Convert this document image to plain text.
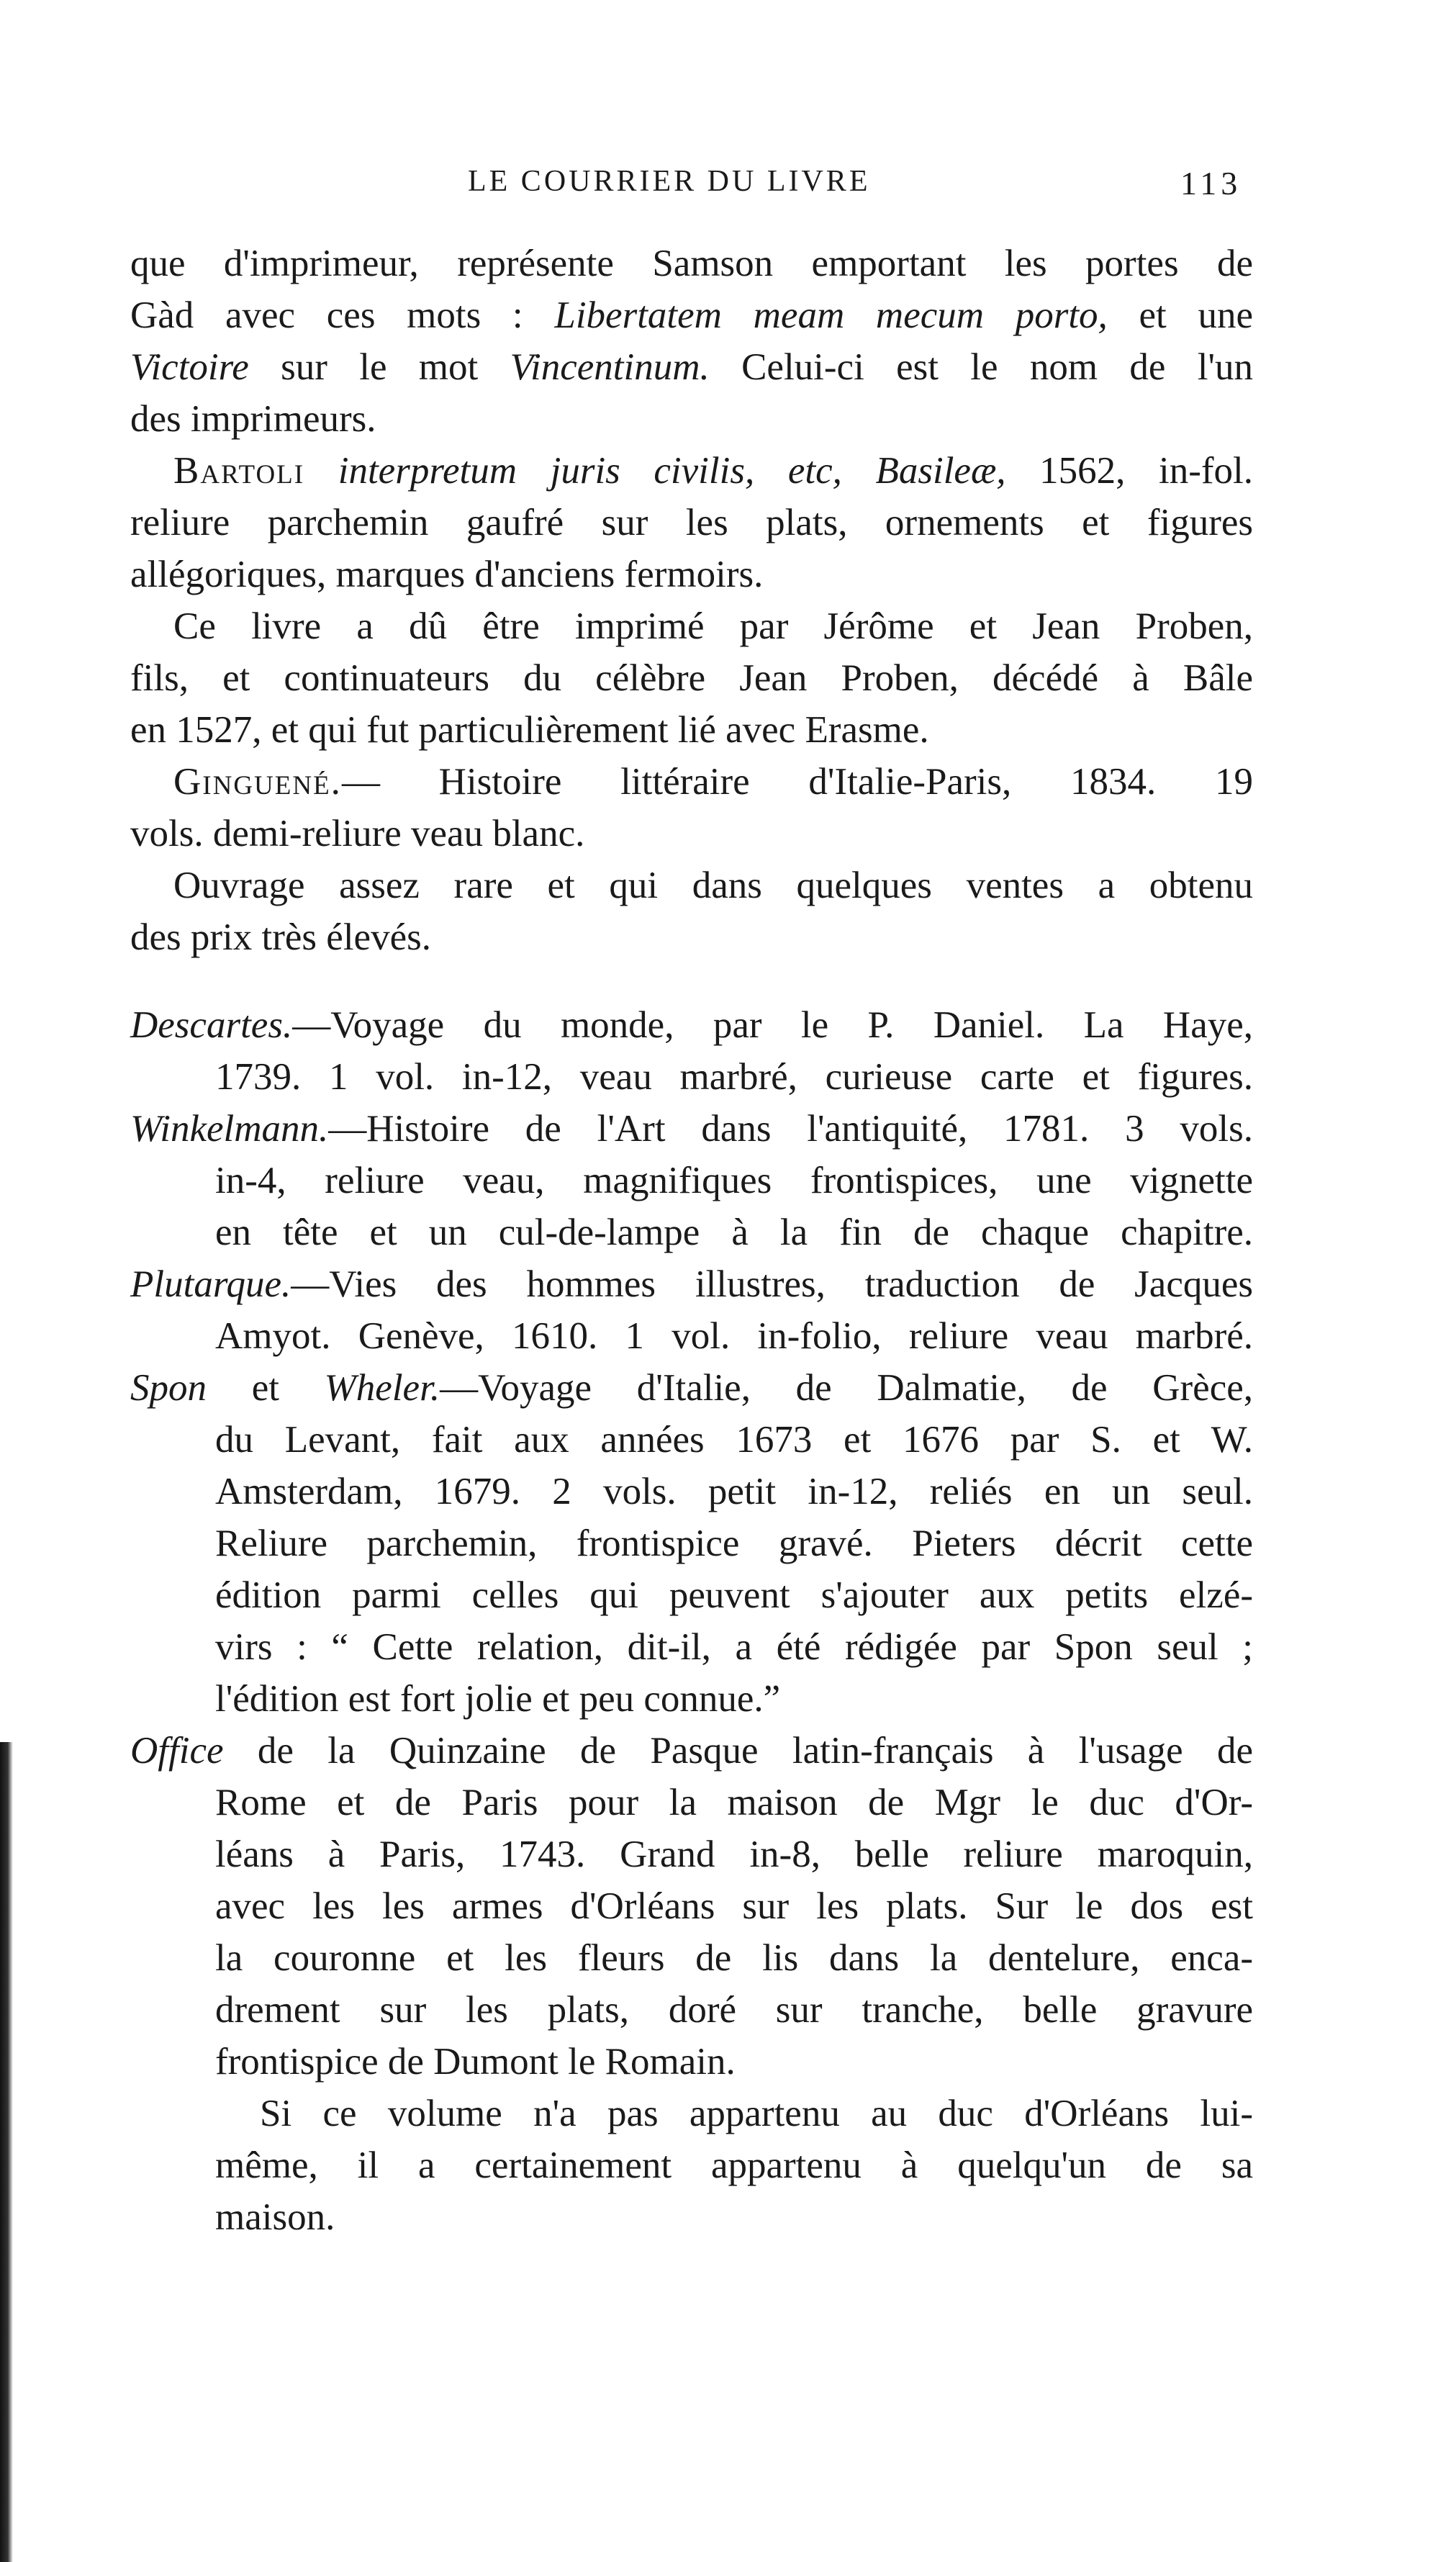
LE COURRIER DU LIVRE	113
que d'imprimeur, représente Samson emportant les portes de
Gàd avec ces mots : Libertatem meam mecum porto, et une
Victoire sur le mot Vincentinum. Celui-ci est le nom de l'un
des imprimeurs.
Bartoli interpretum juris civilis, etc, Basileæ, 1562, in-fol.
reliure parchemin gaufré sur les plats, ornements et figures
allégoriques, marques d'anciens fermoirs.
Ce livre a dû être imprimé par Jérôme et Jean Proben,
fils, et continuateurs du célèbre Jean Proben, décédé à Bâle
en 1527, et qui fut particulièrement lié avec Erasme.
Ginguené.— Histoire littéraire d'Italie-Paris, 1834. 19
vols. demi-reliure veau blanc.
Ouvrage assez rare et qui dans quelques ventes a obtenu
des prix très élevés.
Descartes.—Voyage du monde, par le P. Daniel. La Haye,
1739. 1 vol. in-12, veau marbré, curieuse carte et figures.
Winkelmann.—Histoire de l'Art dans l'antiquité, 1781. 3 vols.
in-4, reliure veau, magnifiques frontispices, une vignette
en tête et un cul-de-lampe à la fin de chaque chapitre.
Plutarque.—Vies des hommes illustres, traduction de Jacques
Amyot. Genève, 1610. 1 vol. in-folio, reliure veau marbré.
Spon et Wheler.—Voyage d'Italie, de Dalmatie, de Grèce,
du Levant, fait aux années 1673 et 1676 par S. et W.
Amsterdam, 1679. 2 vols. petit in-12, reliés en un seul.
Reliure parchemin, frontispice gravé. Pieters décrit cette
édition parmi celles qui peuvent s'ajouter aux petits elzé-
virs : “ Cette relation, dit-il, a été rédigée par Spon seul ;
l'édition est fort jolie et peu connue.”
Office de la Quinzaine de Pasque latin-français à l'usage de
Rome et de Paris pour la maison de Mgr le duc d'Or-
léans à Paris, 1743. Grand in-8, belle reliure maroquin,
avec les les armes d'Orléans sur les plats. Sur le dos est
la couronne et les fleurs de lis dans la dentelure, enca-
drement sur les plats, doré sur tranche, belle gravure
frontispice de Dumont le Romain.
Si ce volume n'a pas appartenu au duc d'Orléans lui-
même, il a certainement appartenu à quelqu'un de sa
maison.
